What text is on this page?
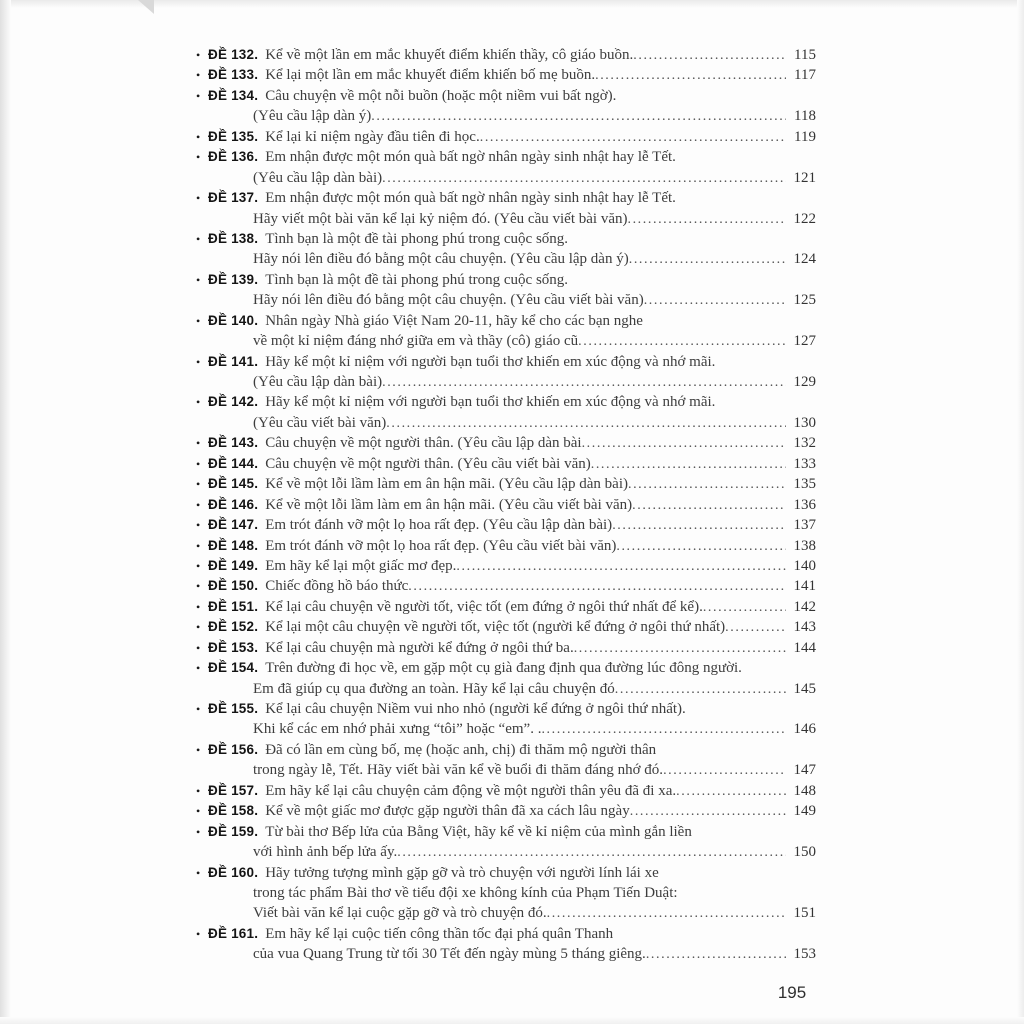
• ĐỀ 132. Kể về một lần em mắc khuyết điểm khiến thầy, cô giáo buồn. .....	115
• ĐỀ 133. Kể lại một lần em mắc khuyết điểm khiến bố mẹ buồn. .....	117
• ĐỀ 134. Câu chuyện về một nỗi buồn (hoặc một niềm vui bất ngờ).
(Yêu cầu lập dàn ý) .....	118
• ĐỀ 135. Kể lại kỉ niệm ngày đầu tiên đi học. .....	119
• ĐỀ 136. Em nhận được một món quà bất ngờ nhân ngày sinh nhật hay lễ Tết.
(Yêu cầu lập dàn bài) .....	121
• ĐỀ 137. Em nhận được một món quà bất ngờ nhân ngày sinh nhật hay lễ Tết.
Hãy viết một bài văn kể lại kỷ niệm đó. (Yêu cầu viết bài văn) .....	122
• ĐỀ 138. Tình bạn là một đề tài phong phú trong cuộc sống.
Hãy nói lên điều đó bằng một câu chuyện. (Yêu cầu lập dàn ý) .....	124
• ĐỀ 139. Tình bạn là một đề tài phong phú trong cuộc sống.
Hãy nói lên điều đó bằng một câu chuyện. (Yêu cầu viết bài văn) .....	125
• ĐỀ 140. Nhân ngày Nhà giáo Việt Nam 20-11, hãy kể cho các bạn nghe
về một kỉ niệm đáng nhớ giữa em và thầy (cô) giáo cũ .....	127
• ĐỀ 141. Hãy kể một kỉ niệm với người bạn tuổi thơ khiến em xúc động và nhớ mãi.
(Yêu cầu lập dàn bài) .....	129
• ĐỀ 142. Hãy kể một kỉ niệm với người bạn tuổi thơ khiến em xúc động và nhớ mãi.
(Yêu cầu viết bài văn) .....	130
• ĐỀ 143. Câu chuyện về một người thân. (Yêu cầu lập dàn bài .....	132
• ĐỀ 144. Câu chuyện về một người thân. (Yêu cầu viết bài văn) .....	133
• ĐỀ 145. Kể về một lỗi lầm làm em ân hận mãi. (Yêu cầu lập dàn bài) .....	135
• ĐỀ 146. Kể về một lỗi lầm làm em ân hận mãi. (Yêu cầu viết bài văn) .....	136
• ĐỀ 147. Em trót đánh vỡ một lọ hoa rất đẹp. (Yêu cầu lập dàn bài) .....	137
• ĐỀ 148. Em trót đánh vỡ một lọ hoa rất đẹp. (Yêu cầu viết bài văn) .....	138
• ĐỀ 149. Em hãy kể lại một giấc mơ đẹp. .....	140
• ĐỀ 150. Chiếc đồng hồ báo thức .....	141
• ĐỀ 151. Kể lại câu chuyện về người tốt, việc tốt (em đứng ở ngôi thứ nhất để kể). .....	142
• ĐỀ 152. Kể lại một câu chuyện về người tốt, việc tốt (người kể đứng ở ngôi thứ nhất) .....	143
• ĐỀ 153. Kể lại câu chuyện mà người kể đứng ở ngôi thứ ba. .....	144
• ĐỀ 154. Trên đường đi học về, em gặp một cụ già đang định qua đường lúc đông người.
Em đã giúp cụ qua đường an toàn. Hãy kể lại câu chuyện đó .....	145
• ĐỀ 155. Kể lại câu chuyện Niềm vui nho nhỏ (người kể đứng ở ngôi thứ nhất).
Khi kể các em nhớ phải xưng “tôi” hoặc “em”. . .....	146
• ĐỀ 156. Đã có lần em cùng bố, mẹ (hoặc anh, chị) đi thăm mộ người thân
trong ngày lễ, Tết. Hãy viết bài văn kể về buổi đi thăm đáng nhớ đó. .....	147
• ĐỀ 157. Em hãy kể lại câu chuyện cảm động về một người thân yêu đã đi xa. .....	148
• ĐỀ 158. Kể về một giấc mơ được gặp người thân đã xa cách lâu ngày .....	149
• ĐỀ 159. Từ bài thơ Bếp lửa của Bằng Việt, hãy kể về kỉ niệm của mình gắn liền
với hình ảnh bếp lửa ấy. .....	150
• ĐỀ 160. Hãy tưởng tượng mình gặp gỡ và trò chuyện với người lính lái xe
trong tác phẩm Bài thơ về tiểu đội xe không kính của Phạm Tiến Duật:
Viết bài văn kể lại cuộc gặp gỡ và trò chuyện đó. .....	151
• ĐỀ 161. Em hãy kể lại cuộc tiến công thần tốc đại phá quân Thanh
của vua Quang Trung từ tối 30 Tết đến ngày mùng 5 tháng giêng. .....	153
195
